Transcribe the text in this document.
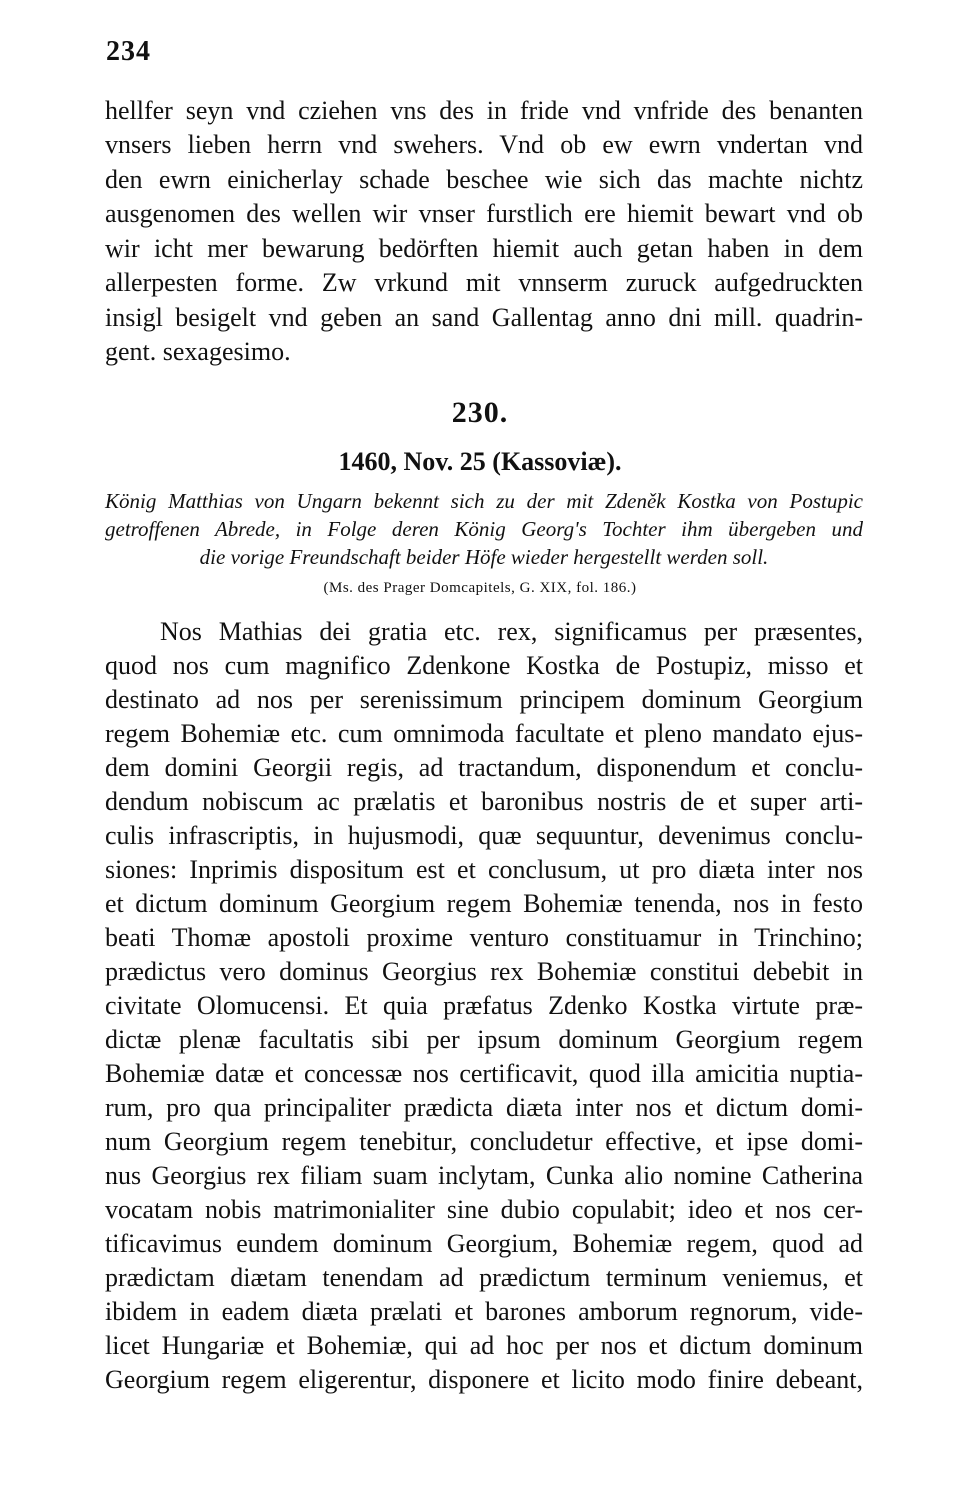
234
hellfer seyn vnd cziehen vns des in fride vnd vnfride des benanten
vnsers lieben herrn vnd swehers. Vnd ob ew ewrn vndertan vnd
den ewrn einicherlay schade beschee wie sich das machte nichtz
ausgenomen des wellen wir vnser furstlich ere hiemit bewart vnd ob
wir icht mer bewarung bedörften hiemit auch getan haben in dem
allerpesten forme. Zw vrkund mit vnnserm zuruck aufgedruckten
insigl besigelt vnd geben an sand Gallentag anno dni mill. quadrin-
gent. sexagesimo.
230.
1460, Nov. 25 (Kassoviæ).
König Matthias von Ungarn bekennt sich zu der mit Zdeněk Kostka von Postupic
getroffenen Abrede, in Folge deren König Georg's Tochter ihm übergeben und
die vorige Freundschaft beider Höfe wieder hergestellt werden soll.
(Ms. des Prager Domcapitels, G. XIX, fol. 186.)
Nos Mathias dei gratia etc. rex, significamus per præsentes,
quod nos cum magnifico Zdenkone Kostka de Postupiz, misso et
destinato ad nos per serenissimum principem dominum Georgium
regem Bohemiæ etc. cum omnimoda facultate et pleno mandato ejus-
dem domini Georgii regis, ad tractandum, disponendum et conclu-
dendum nobiscum ac prælatis et baronibus nostris de et super arti-
culis infrascriptis, in hujusmodi, quæ sequuntur, devenimus conclu-
siones: Inprimis dispositum est et conclusum, ut pro diæta inter nos
et dictum dominum Georgium regem Bohemiæ tenenda, nos in festo
beati Thomæ apostoli proxime venturo constituamur in Trinchino;
prædictus vero dominus Georgius rex Bohemiæ constitui debebit in
civitate Olomucensi. Et quia præfatus Zdenko Kostka virtute præ-
dictæ plenæ facultatis sibi per ipsum dominum Georgium regem
Bohemiæ datæ et concessæ nos certificavit, quod illa amicitia nuptia-
rum, pro qua principaliter prædicta diæta inter nos et dictum domi-
num Georgium regem tenebitur, concludetur effective, et ipse domi-
nus Georgius rex filiam suam inclytam, Cunka alio nomine Catherina
vocatam nobis matrimonialiter sine dubio copulabit; ideo et nos cer-
tificavimus eundem dominum Georgium, Bohemiæ regem, quod ad
prædictam diætam tenendam ad prædictum terminum veniemus, et
ibidem in eadem diæta prælati et barones amborum regnorum, vide-
licet Hungariæ et Bohemiæ, qui ad hoc per nos et dictum dominum
Georgium regem eligerentur, disponere et licito modo finire debeant,
